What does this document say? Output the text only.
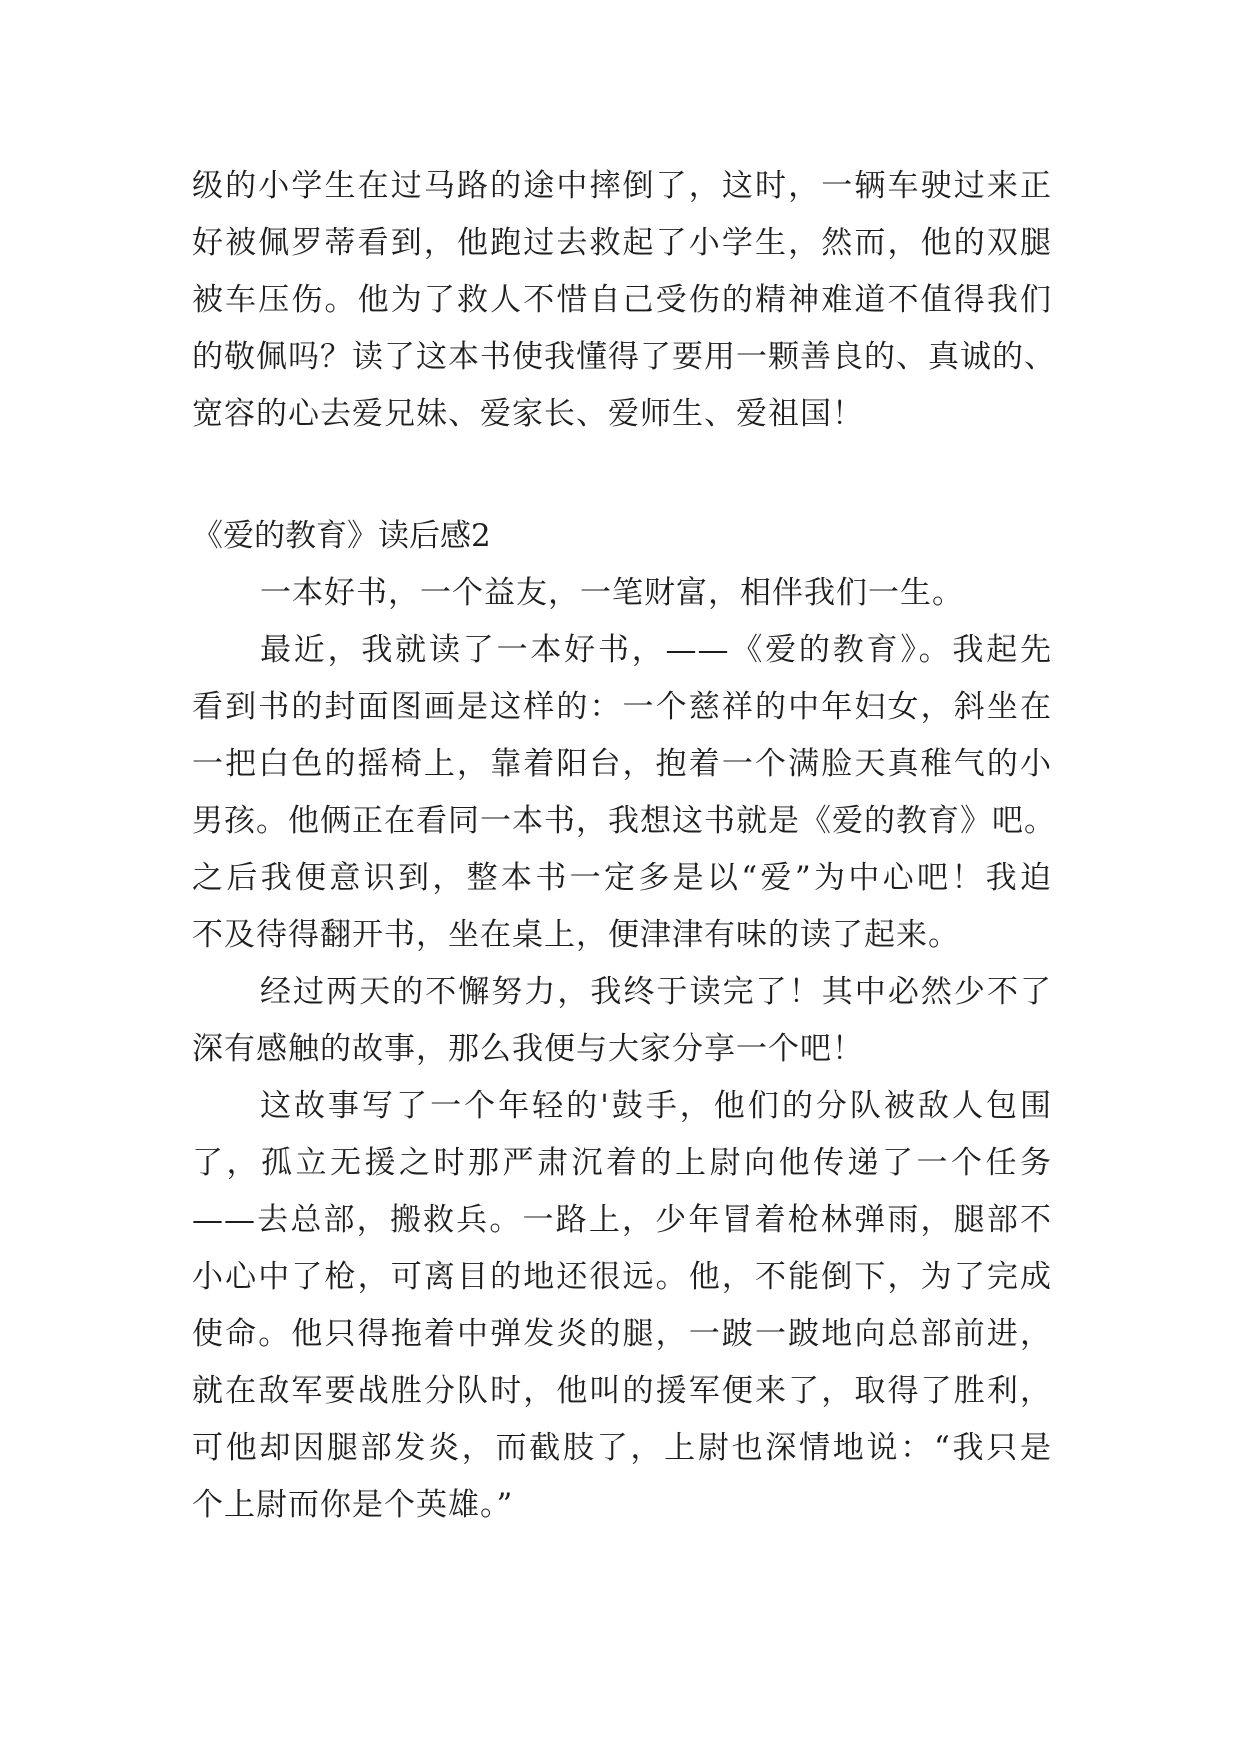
级的小学生在过马路的途中摔倒了，这时，一辆车驶过来正
好被佩罗蒂看到，他跑过去救起了小学生，然而，他的双腿
被车压伤。他为了救人不惜自己受伤的精神难道不值得我们
的敬佩吗？读了这本书使我懂得了要用一颗善良的、真诚的、
宽容的心去爱兄妹、爱家长、爱师生、爱祖国！
《爱的教育》读后感2
一本好书，一个益友，一笔财富，相伴我们一生。
最近，我就读了一本好书，——《爱的教育》。我起先
看到书的封面图画是这样的：一个慈祥的中年妇女，斜坐在
一把白色的摇椅上，靠着阳台，抱着一个满脸天真稚气的小
男孩。他俩正在看同一本书，我想这书就是《爱的教育》吧。
之后我便意识到，整本书一定多是以“爱”为中心吧！我迫
不及待得翻开书，坐在桌上，便津津有味的读了起来。
经过两天的不懈努力，我终于读完了！其中必然少不了
深有感触的故事，那么我便与大家分享一个吧！
这故事写了一个年轻的'鼓手，他们的分队被敌人包围
了，孤立无援之时那严肃沉着的上尉向他传递了一个任务
——去总部，搬救兵。一路上，少年冒着枪林弹雨，腿部不
小心中了枪，可离目的地还很远。他，不能倒下，为了完成
使命。他只得拖着中弹发炎的腿，一跛一跛地向总部前进，
就在敌军要战胜分队时，他叫的援军便来了，取得了胜利，
可他却因腿部发炎，而截肢了，上尉也深情地说：“我只是
个上尉而你是个英雄。”
